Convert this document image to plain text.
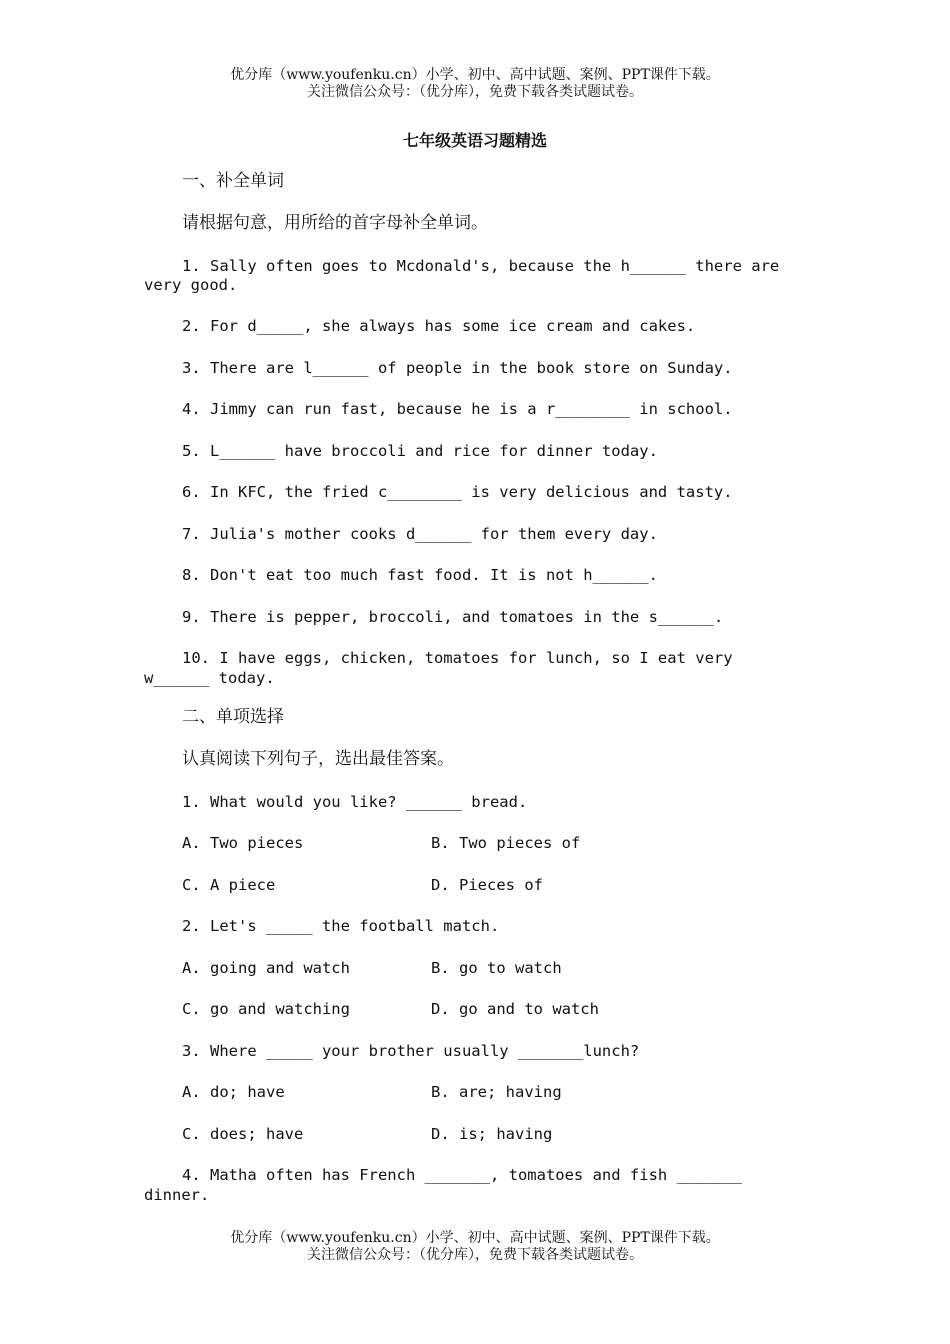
优分库（www.youfenku.cn）小学、初中、高中试题、案例、PPT课件下载。
关注微信公众号：（优分库），免费下载各类试题试卷。
七年级英语习题精选
一、补全单词
请根据句意，用所给的首字母补全单词。
1. Sally often goes to Mcdonald's, because the h______ there are
very good.
2. For d_____, she always has some ice cream and cakes.
3. There are l______ of people in the book store on Sunday.
4. Jimmy can run fast, because he is a r________ in school.
5. L______ have broccoli and rice for dinner today.
6. In KFC, the fried c________ is very delicious and tasty.
7. Julia's mother cooks d______ for them every day.
8. Don't eat too much fast food. It is not h______.
9. There is pepper, broccoli, and tomatoes in the s______.
10. I have eggs, chicken, tomatoes for lunch, so I eat very
w______ today.
二、单项选择
认真阅读下列句子，选出最佳答案。
1. What would you like? ______ bread.
A. Two pieces	B. Two pieces of
C. A piece	D. Pieces of
2. Let's _____ the football match.
A. going and watch	B. go to watch
C. go and watching	D. go and to watch
3. Where _____ your brother usually _______lunch?
A. do; have	B. are; having
C. does; have	D. is; having
4. Matha often has French _______, tomatoes and fish _______
dinner.
优分库（www.youfenku.cn）小学、初中、高中试题、案例、PPT课件下载。
关注微信公众号：（优分库），免费下载各类试题试卷。
